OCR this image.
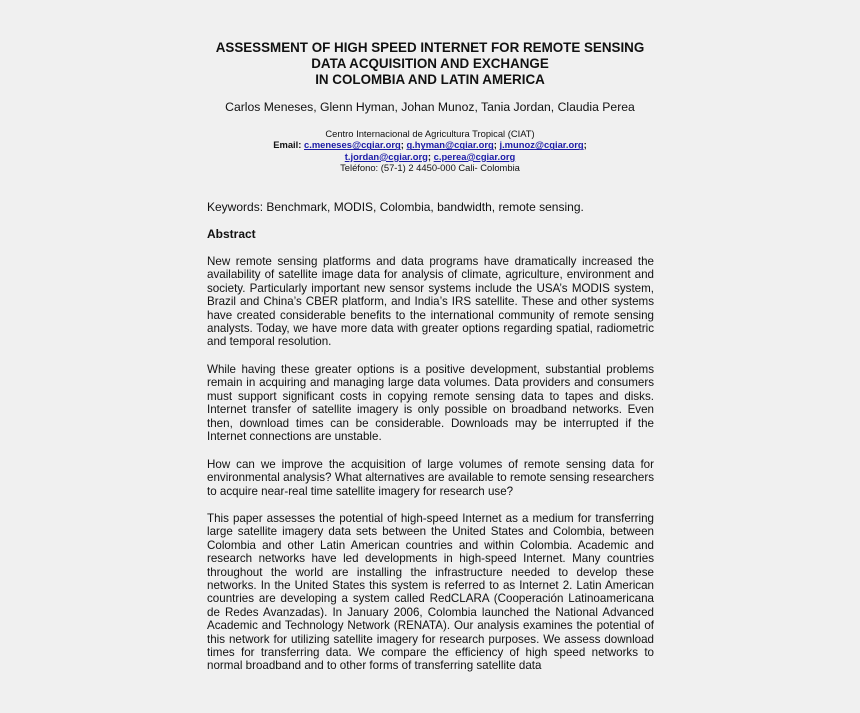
ASSESSMENT OF HIGH SPEED INTERNET FOR REMOTE SENSING
DATA ACQUISITION AND EXCHANGE
IN COLOMBIA AND LATIN AMERICA
Carlos Meneses, Glenn Hyman, Johan Munoz, Tania Jordan, Claudia Perea
Centro Internacional de Agricultura Tropical (CIAT)
Email: c.meneses@cgiar.org; g.hyman@cgiar.org; j.munoz@cgiar.org;
t.jordan@cgiar.org; c.perea@cgiar.org
Teléfono: (57-1) 2 4450-000 Cali- Colombia
Keywords: Benchmark, MODIS, Colombia, bandwidth, remote sensing.
Abstract
New remote sensing platforms and data programs have dramatically increased the availability of satellite image data for analysis of climate, agriculture, environment and society. Particularly important new sensor systems include the USA’s MODIS system, Brazil and China’s CBER platform, and India’s IRS satellite. These and other systems have created considerable benefits to the international community of remote sensing analysts. Today, we have more data with greater options regarding spatial, radiometric and temporal resolution.
While having these greater options is a positive development, substantial problems remain in acquiring and managing large data volumes. Data providers and consumers must support significant costs in copying remote sensing data to tapes and disks. Internet transfer of satellite imagery is only possible on broadband networks. Even then, download times can be considerable. Downloads may be interrupted if the Internet connections are unstable.
How can we improve the acquisition of large volumes of remote sensing data for environmental analysis? What alternatives are available to remote sensing researchers to acquire near-real time satellite imagery for research use?
This paper assesses the potential of high-speed Internet as a medium for transferring large satellite imagery data sets between the United States and Colombia, between Colombia and other Latin American countries and within Colombia. Academic and research networks have led developments in high-speed Internet. Many countries throughout the world are installing the infrastructure needed to develop these networks. In the United States this system is referred to as Internet 2. Latin American countries are developing a system called RedCLARA (Cooperación Latinoamericana de Redes Avanzadas). In January 2006, Colombia launched the National Advanced Academic and Technology Network (RENATA). Our analysis examines the potential of this network for utilizing satellite imagery for research purposes. We assess download times for transferring data. We compare the efficiency of high speed networks to normal broadband and to other forms of transferring satellite data
